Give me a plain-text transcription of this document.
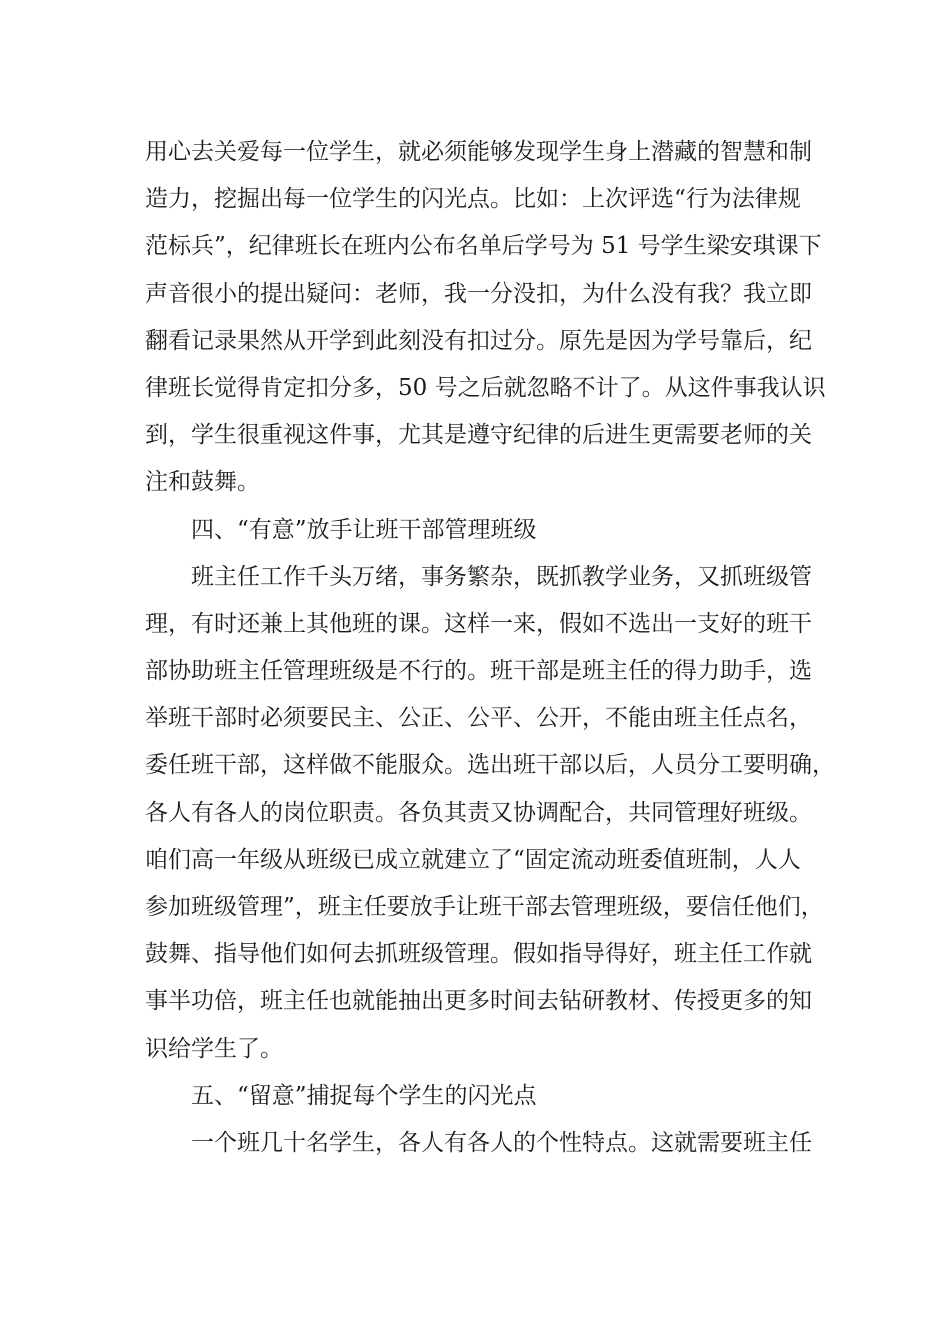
用心去关爱每一位学生，就必须能够发现学生身上潜藏的智慧和制
造力，挖掘出每一位学生的闪光点。比如：上次评选“行为法律规
范标兵”，纪律班长在班内公布名单后学号为 51 号学生梁安琪课下
声音很小的提出疑问：老师，我一分没扣，为什么没有我？我立即
翻看记录果然从开学到此刻没有扣过分。原先是因为学号靠后，纪
律班长觉得肯定扣分多，50 号之后就忽略不计了。从这件事我认识
到，学生很重视这件事，尤其是遵守纪律的后进生更需要老师的关
注和鼓舞。
四、“有意”放手让班干部管理班级
班主任工作千头万绪，事务繁杂，既抓教学业务，又抓班级管
理，有时还兼上其他班的课。这样一来，假如不选出一支好的班干
部协助班主任管理班级是不行的。班干部是班主任的得力助手，选
举班干部时必须要民主、公正、公平、公开，不能由班主任点名，
委任班干部，这样做不能服众。选出班干部以后，人员分工要明确，
各人有各人的岗位职责。各负其责又协调配合，共同管理好班级。
咱们高一年级从班级已成立就建立了“固定流动班委值班制，人人
参加班级管理”，班主任要放手让班干部去管理班级，要信任他们，
鼓舞、指导他们如何去抓班级管理。假如指导得好，班主任工作就
事半功倍，班主任也就能抽出更多时间去钻研教材、传授更多的知
识给学生了。
五、“留意”捕捉每个学生的闪光点
一个班几十名学生，各人有各人的个性特点。这就需要班主任
